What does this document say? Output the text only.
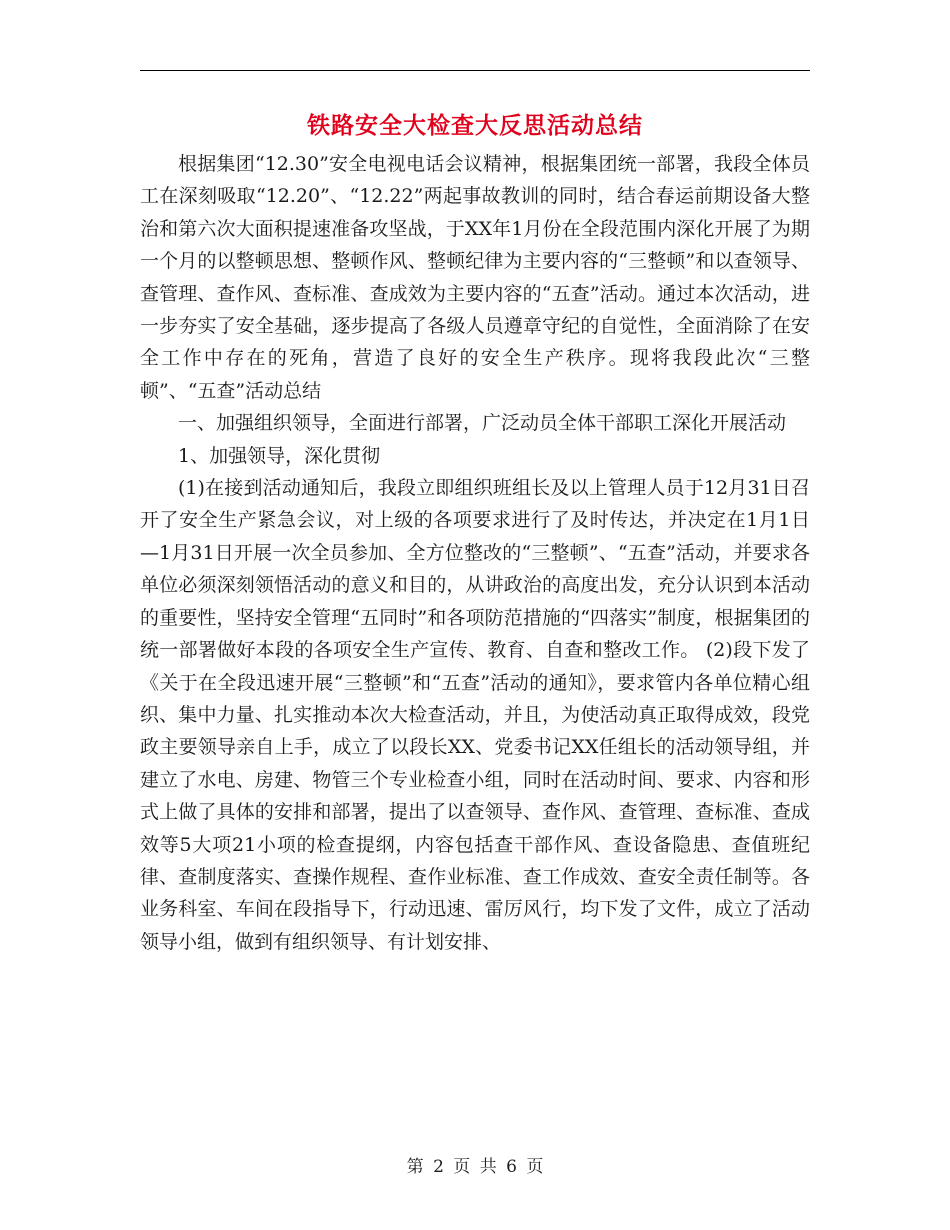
铁路安全大检查大反思活动总结

根据集团“12.30”安全电视电话会议精神，根据集团统一部署，我段全体员工在深刻吸取“12.20”、“12.22”两起事故教训的同时，结合春运前期设备大整治和第六次大面积提速准备攻坚战，于XX年1月份在全段范围内深化开展了为期一个月的以整顿思想、整顿作风、整顿纪律为主要内容的“三整顿”和以查领导、查管理、查作风、查标准、查成效为主要内容的“五查”活动。通过本次活动，进一步夯实了安全基础，逐步提高了各级人员遵章守纪的自觉性，全面消除了在安全工作中存在的死角，营造了良好的安全生产秩序。现将我段此次“三整顿”、“五查”活动总结

一、加强组织领导，全面进行部署，广泛动员全体干部职工深化开展活动

1、加强领导，深化贯彻

(1)在接到活动通知后，我段立即组织班组长及以上管理人员于12月31日召开了安全生产紧急会议，对上级的各项要求进行了及时传达，并决定在1月1日—1月31日开展一次全员参加、全方位整改的“三整顿”、“五查”活动，并要求各单位必须深刻领悟活动的意义和目的，从讲政治的高度出发，充分认识到本活动的重要性，坚持安全管理“五同时”和各项防范措施的“四落实”制度，根据集团的统一部署做好本段的各项安全生产宣传、教育、自查和整改工作。 (2)段下发了《关于在全段迅速开展“三整顿”和“五查”活动的通知》，要求管内各单位精心组织、集中力量、扎实推动本次大检查活动，并且，为使活动真正取得成效，段党政主要领导亲自上手，成立了以段长XX、党委书记XX任组长的活动领导组，并建立了水电、房建、物管三个专业检查小组，同时在活动时间、要求、内容和形式上做了具体的安排和部署，提出了以查领导、查作风、查管理、查标准、查成效等5大项21小项的检查提纲，内容包括查干部作风、查设备隐患、查值班纪律、查制度落实、查操作规程、查作业标准、查工作成效、查安全责任制等。各业务科室、车间在段指导下，行动迅速、雷厉风行，均下发了文件，成立了活动领导小组，做到有组织领导、有计划安排、

第 2 页 共 6 页
